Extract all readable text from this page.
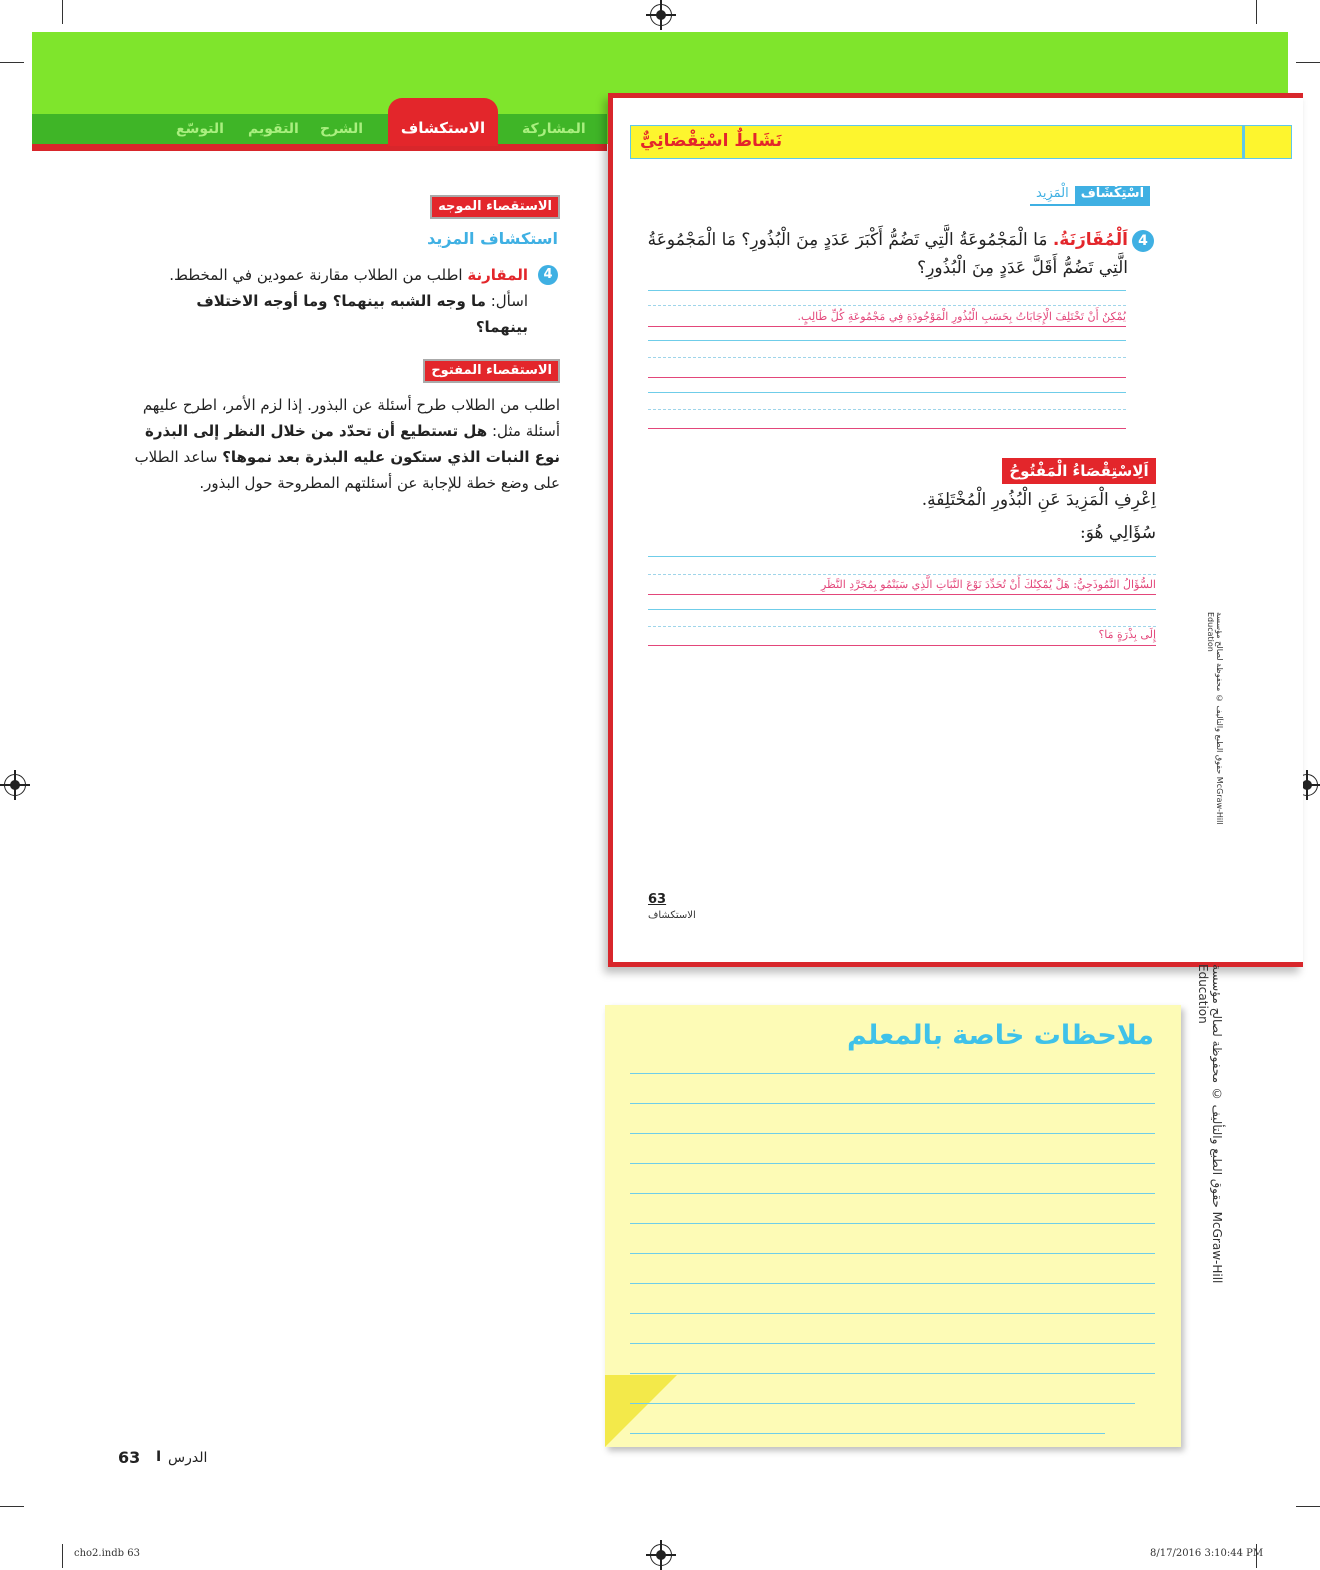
المشاركة
الاستكشاف
الشرح
التقويم
التوسّع
نَشَاطٌ اسْتِقْصَائِيٌّ
اسْتِكْشَاف
الْمَزِيد
4
اَلْمُقَارَنَةُ. مَا الْمَجْمُوعَةُ الَّتِي تَضُمُّ أَكْبَرَ عَدَدٍ مِنَ الْبُذُورِ؟ مَا الْمَجْمُوعَةُ الَّتِي تَضُمُّ أَقَلَّ عَدَدٍ مِنَ الْبُذُورِ؟
يُمْكِنُ أَنْ تَخْتَلِفَ الْإِجَابَاتُ بِحَسَبِ الْبُذُورِ الْمَوْجُودَةِ فِي مَجْمُوعَةِ كُلِّ طَالِبٍ.
اَلِاسْتِقْصَاءُ الْمَفْتُوحُ
اِعْرِفِ الْمَزِيدَ عَنِ الْبُذُورِ الْمُخْتَلِفَةِ.
سُؤَالِي هُوَ:
السُّؤَالُ النَّمُوذَجِيُّ: هَلْ يُمْكِنُكَ أَنْ تُحَدِّدَ نَوْعَ النَّبَاتِ الَّذِي سَيَنْمُو بِمُجَرَّدِ النَّظَرِ
إِلَى بِذْرَةٍ مَا؟
63
الاستكشاف
حقوق الطبع والتأليف © محفوظة لصالح مؤسسة McGraw-Hill Education
الاستقصاء الموجه
استكشاف المزيد
4
المقارنة اطلب من الطلاب مقارنة عمودين في المخطط. اسأل: ما وجه الشبه بينهما؟ وما أوجه الاختلاف بينهما؟
الاستقصاء المفتوح
اطلب من الطلاب طرح أسئلة عن البذور. إذا لزم الأمر، اطرح عليهم أسئلة مثل: هل تستطيع أن تحدّد من خلال النظر إلى البذرة نوع النبات الذي ستكون عليه البذرة بعد نموها؟ ساعد الطلاب على وضع خطة للإجابة عن أسئلتهم المطروحة حول البذور.
ملاحظات خاصة بالمعلم	حقوق الطبع والتأليف © محفوظة لصالح مؤسسة McGraw-Hill Education
63 I الدرس
cho2.indb 63	8/17/2016 3:10:44 PM
